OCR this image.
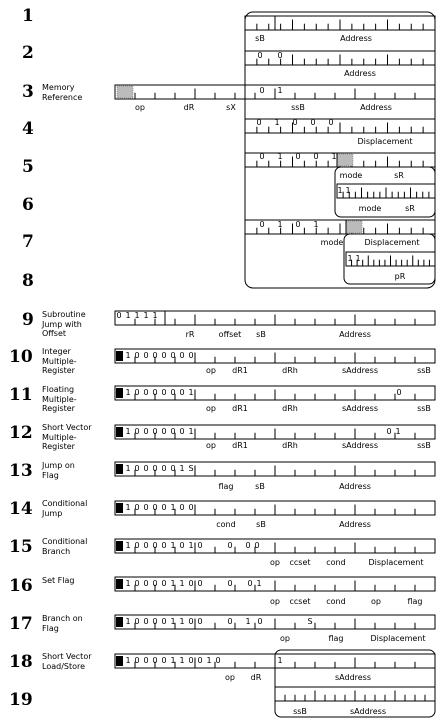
1
2
3
4
5
6
7
8
9
10
11
12
13
14
15
16
17
18
19
Memory
Reference
Subroutine
Jump with
Offset
Integer
Multiple-
Register
Floating
Multiple-
Register
Short Vector
Multiple-
Register
Jump on
Flag
Conditional
Jump
Conditional
Branch
Set Flag
Branch on
Flag
Short Vector
Load/Store
sB	Address
0 0
Address
0 1
op	dR	sX	ssB	Address
0 1 0 0 0
Displacement
0 1 0 0 1
mode	sR
1 1
mode	sR
0 1 0 1
mode	Displacement
1 1
pR
0 1 1 1 1
rR	offset sB	Address
1 0 0 0 0 0 0 0
op dR1	dRh	sAddress	ssB
1 0 0 0 0 0 0 1	0
op dR1	dRh	sAddress	ssB
1 0 0 0 0 0 0 1	0 1
op dR1	dRh	sAddress	ssB
1 0 0 0 0 0 1 S
flag	sB	Address
1 0 0 0 0 1 0 0
cond	sB	Address
1 0 0 0 0 1 0 1 0	0 0 0
op ccset cond	Displacement
1 0 0 0 0 1 1 0 0	0 0 1
op ccset cond	op	flag
1 0 0 0 0 1 1 0 0	0 1 0	S
op	flag	Displacement
1 0 0 0 0 1 1 0 0 1 0	1
op dR	sAddress
ssB	sAddress
